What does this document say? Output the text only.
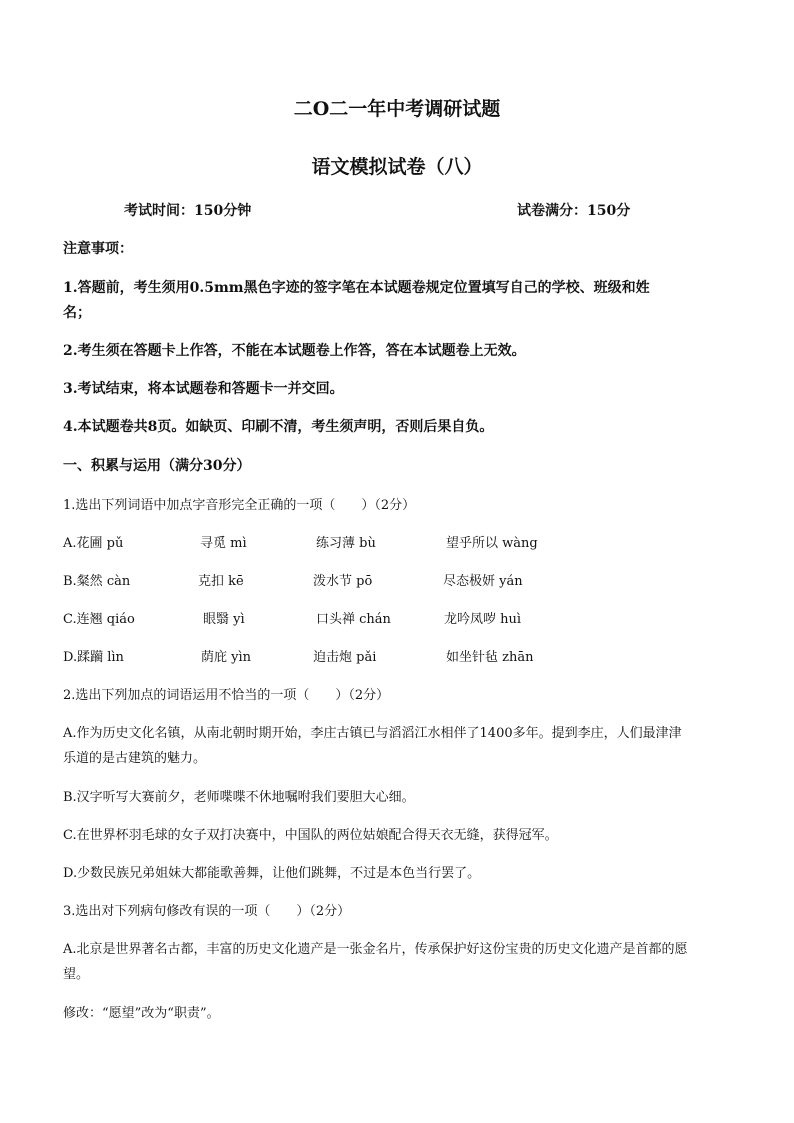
二O二一年中考调研试题
语文模拟试卷（八）
考试时间：150分钟	试卷满分：150分
注意事项：
1.答题前，考生须用0.5mm黑色字迹的签字笔在本试题卷规定位置填写自己的学校、班级和姓
名；
2.考生须在答题卡上作答，不能在本试题卷上作答，答在本试题卷上无效。
3.考试结束，将本试题卷和答题卡一并交回。
4.本试题卷共8页。如缺页、印刷不清，考生须声明，否则后果自负。
一、积累与运用（满分30分）
1.选出下列词语中加点字音形完全正确的一项（　　）（2分）
A.花圃 pǔ	寻觅 mì	练习薄 bù	望乎所以 wàng
B.粲然 càn	克扣 kē	泼水节 pō	尽态极妍 yán
C.连翘 qiáo	眼翳 yì	口头禅 chán	龙吟凤哕 huì
D.蹂躏 lìn	荫庇 yìn	迫击炮 pǎi	如坐针毡 zhān
2.选出下列加点的词语运用不恰当的一项（　　）（2分）
A.作为历史文化名镇，从南北朝时期开始，李庄古镇已与滔滔江水相伴了1400多年。提到李庄，人们最津津
乐道的是古建筑的魅力。
B.汉字听写大赛前夕，老师喋喋不休地嘱咐我们要胆大心细。
C.在世界杯羽毛球的女子双打决赛中，中国队的两位姑娘配合得天衣无缝，获得冠军。
D.少数民族兄弟姐妹大都能歌善舞，让他们跳舞，不过是本色当行罢了。
3.选出对下列病句修改有误的一项（　　）（2分）
A.北京是世界著名古都，丰富的历史文化遗产是一张金名片，传承保护好这份宝贵的历史文化遗产是首都的愿
望。
修改：“愿望”改为“职责”。
